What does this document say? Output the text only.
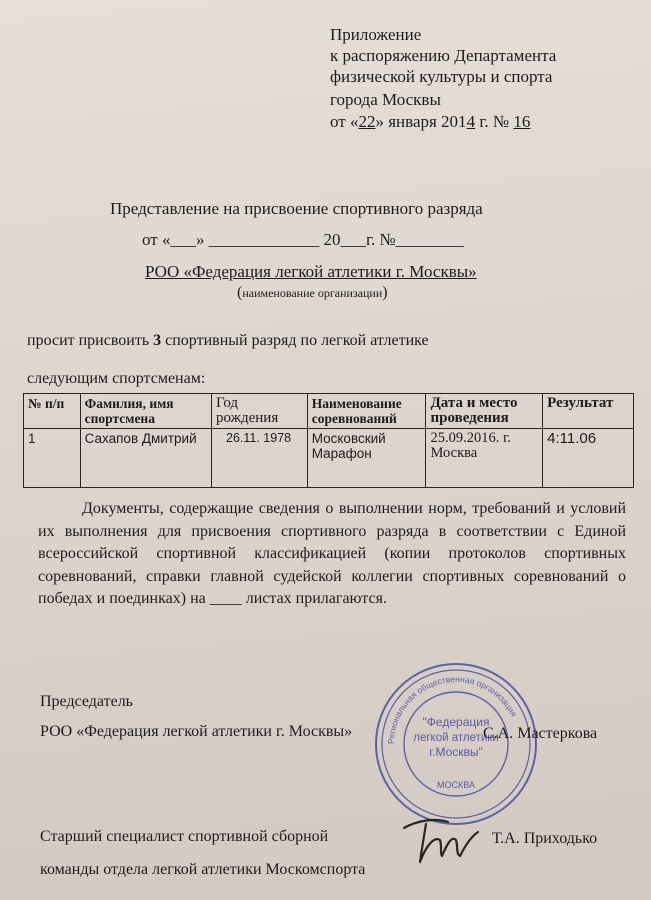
Приложение
к распоряжению Департамента
физической культуры и спорта
города Москвы
от «22» января 2014 г. № 16
Представление на присвоение спортивного разряда
от «___» _____________ 20___г. №________
РОО «Федерация легкой атлетики г. Москвы»
(наименование организации)
просит присвоить 3 спортивный разряд по легкой атлетике
следующим спортсменам:
№ п/п	Фамилия, имя спортсмена	Год рождения	Наименование соревнований	Дата и место проведения	Результат
1	Сахапов Дмитрий	26.11. 1978	Московский Марафон	25.09.2016. г. Москва	4:11.06
Документы, содержащие сведения о выполнении норм, требований и условий их выполнения для присвоения спортивного разряда в соответствии с Единой всероссийской спортивной классификацией (копии протоколов спортивных соревнований, справки главной судейской коллегии спортивных соревнований о победах и поединках) на ____ листах прилагаются.
Региональная общественная организация
"Федерация
легкой атлетики
г.Москвы"
МОСКВА
Председатель
РОО «Федерация легкой атлетики г. Москвы»	С.А. Мастеркова
Старший специалист спортивной сборной
команды отдела легкой атлетики Москомспорта
Т.А. Приходько
